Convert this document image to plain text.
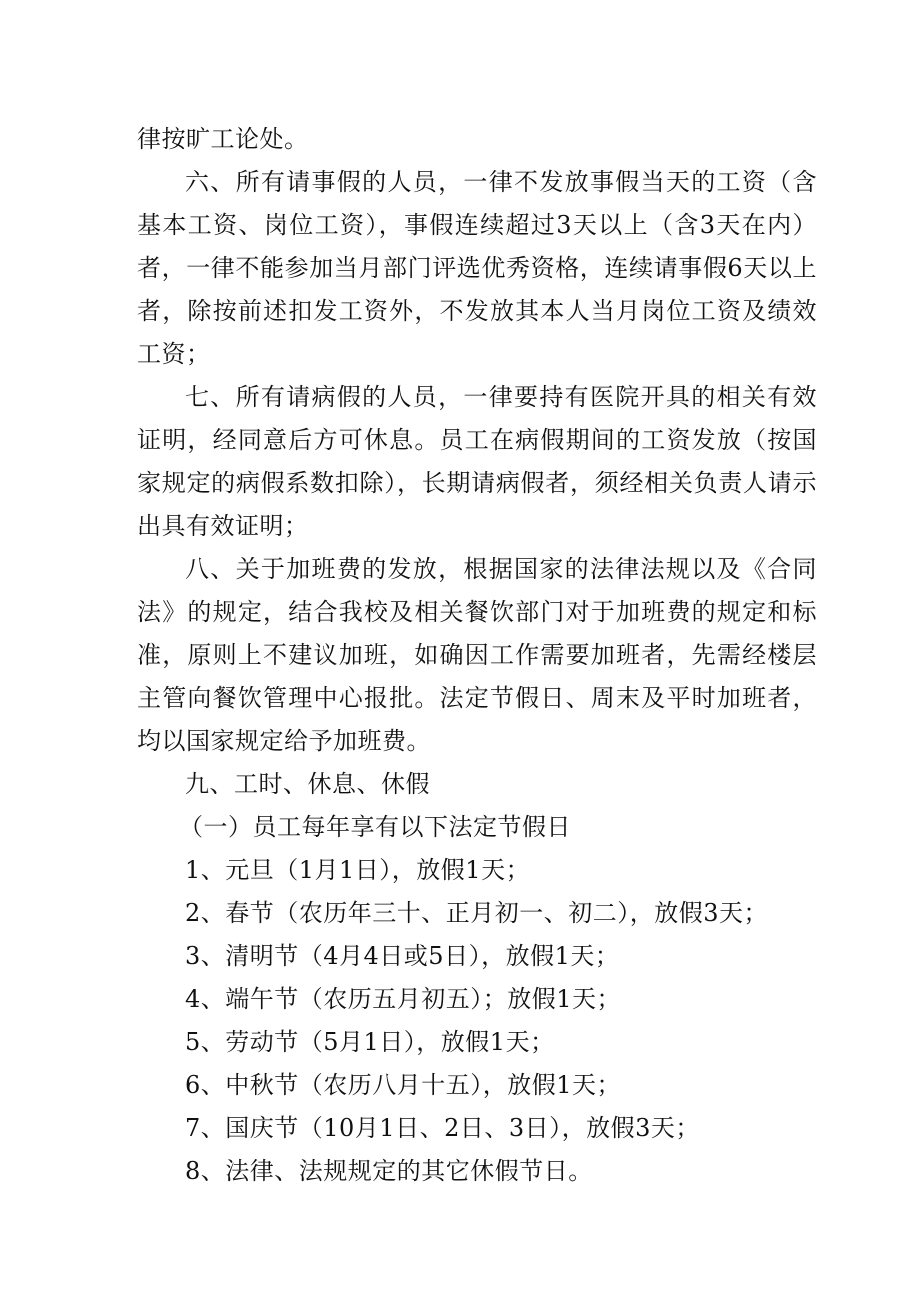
律按旷工论处。

六、所有请事假的人员，一律不发放事假当天的工资（含基本工资、岗位工资），事假连续超过3天以上（含3天在内）者，一律不能参加当月部门评选优秀资格，连续请事假6天以上者，除按前述扣发工资外，不发放其本人当月岗位工资及绩效工资；

七、所有请病假的人员，一律要持有医院开具的相关有效证明，经同意后方可休息。员工在病假期间的工资发放（按国家规定的病假系数扣除），长期请病假者，须经相关负责人请示出具有效证明；

八、关于加班费的发放，根据国家的法律法规以及《合同法》的规定，结合我校及相关餐饮部门对于加班费的规定和标准，原则上不建议加班，如确因工作需要加班者，先需经楼层主管向餐饮管理中心报批。法定节假日、周末及平时加班者，均以国家规定给予加班费。

九、工时、休息、休假

（一）员工每年享有以下法定节假日

1、元旦（1月1日），放假1天；

2、春节（农历年三十、正月初一、初二），放假3天；

3、清明节（4月4日或5日），放假1天；

4、端午节（农历五月初五）；放假1天；

5、劳动节（5月1日），放假1天；

6、中秋节（农历八月十五），放假1天；

7、国庆节（10月1日、2日、3日），放假3天；

8、法律、法规规定的其它休假节日。
